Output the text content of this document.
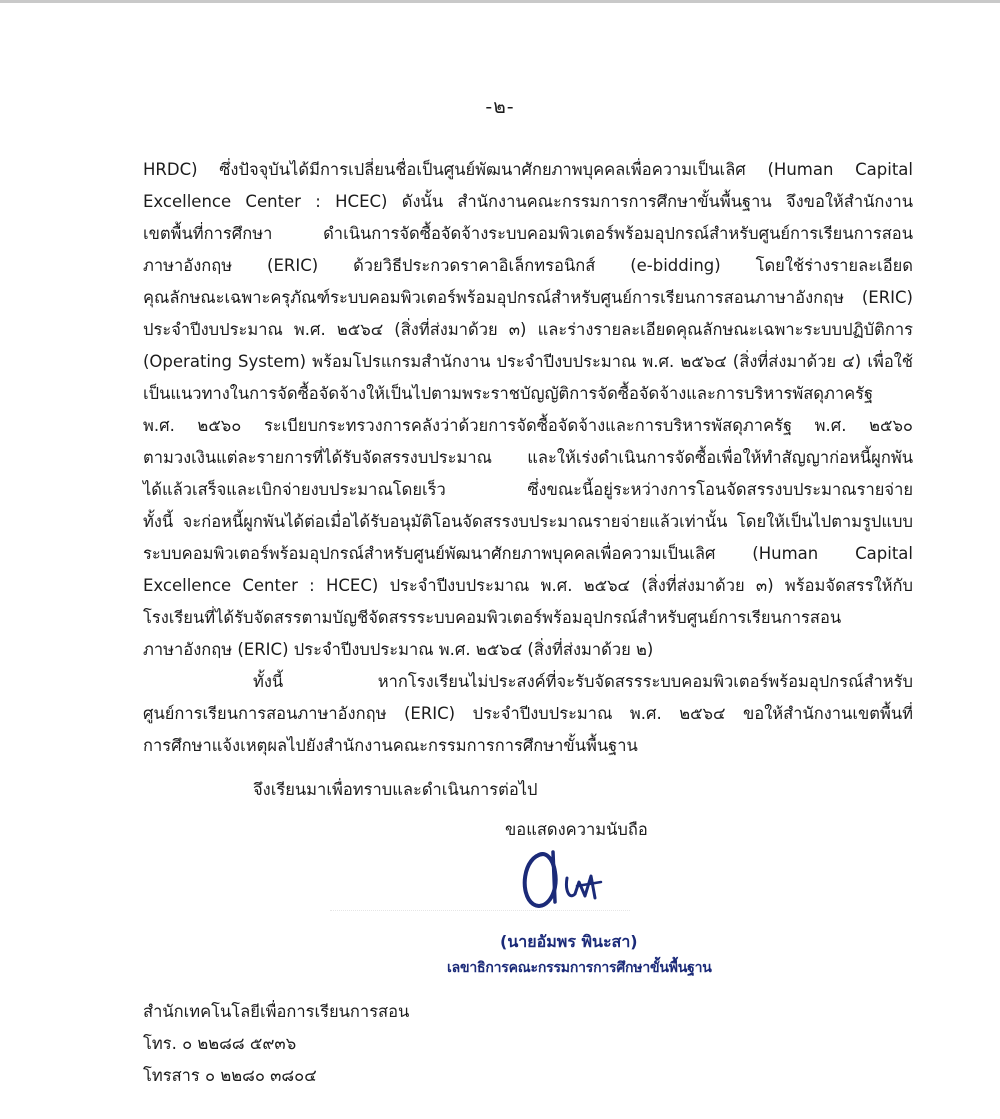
-๒-
HRDC) ซึ่งปัจจุบันได้มีการเปลี่ยนชื่อเป็นศูนย์พัฒนาศักยภาพบุคคลเพื่อความเป็นเลิศ (Human Capital
Excellence Center : HCEC) ดังนั้น สำนักงานคณะกรรมการการศึกษาขั้นพื้นฐาน จึงขอให้สำนักงาน
เขตพื้นที่การศึกษา ดำเนินการจัดซื้อจัดจ้างระบบคอมพิวเตอร์พร้อมอุปกรณ์สำหรับศูนย์การเรียนการสอน
ภาษาอังกฤษ (ERIC) ด้วยวิธีประกวดราคาอิเล็กทรอนิกส์ (e-bidding) โดยใช้ร่างรายละเอียด
คุณลักษณะเฉพาะครุภัณฑ์ระบบคอมพิวเตอร์พร้อมอุปกรณ์สำหรับศูนย์การเรียนการสอนภาษาอังกฤษ (ERIC)
ประจำปีงบประมาณ พ.ศ. ๒๕๖๔ (สิ่งที่ส่งมาด้วย ๓) และร่างรายละเอียดคุณลักษณะเฉพาะระบบปฏิบัติการ
(Operating System) พร้อมโปรแกรมสำนักงาน ประจำปีงบประมาณ พ.ศ. ๒๕๖๔ (สิ่งที่ส่งมาด้วย ๔) เพื่อใช้
เป็นแนวทางในการจัดซื้อจัดจ้างให้เป็นไปตามพระราชบัญญัติการจัดซื้อจัดจ้างและการบริหารพัสดุภาครัฐ
พ.ศ. ๒๕๖๐ ระเบียบกระทรวงการคลังว่าด้วยการจัดซื้อจัดจ้างและการบริหารพัสดุภาครัฐ พ.ศ. ๒๕๖๐
ตามวงเงินแต่ละรายการที่ได้รับจัดสรรงบประมาณ และให้เร่งดำเนินการจัดซื้อเพื่อให้ทำสัญญาก่อหนี้ผูกพัน
ได้แล้วเสร็จและเบิกจ่ายงบประมาณโดยเร็ว ซึ่งขณะนี้อยู่ระหว่างการโอนจัดสรรงบประมาณรายจ่าย
ทั้งนี้ จะก่อหนี้ผูกพันได้ต่อเมื่อได้รับอนุมัติโอนจัดสรรงบประมาณรายจ่ายแล้วเท่านั้น โดยให้เป็นไปตามรูปแบบ
ระบบคอมพิวเตอร์พร้อมอุปกรณ์สำหรับศูนย์พัฒนาศักยภาพบุคคลเพื่อความเป็นเลิศ (Human Capital
Excellence Center : HCEC) ประจำปีงบประมาณ พ.ศ. ๒๕๖๔ (สิ่งที่ส่งมาด้วย ๓) พร้อมจัดสรรให้กับ
โรงเรียนที่ได้รับจัดสรรตามบัญชีจัดสรรระบบคอมพิวเตอร์พร้อมอุปกรณ์สำหรับศูนย์การเรียนการสอน
ภาษาอังกฤษ (ERIC) ประจำปีงบประมาณ พ.ศ. ๒๕๖๔ (สิ่งที่ส่งมาด้วย ๒)
ทั้งนี้ หากโรงเรียนไม่ประสงค์ที่จะรับจัดสรรระบบคอมพิวเตอร์พร้อมอุปกรณ์สำหรับ
ศูนย์การเรียนการสอนภาษาอังกฤษ (ERIC) ประจำปีงบประมาณ พ.ศ. ๒๕๖๔ ขอให้สำนักงานเขตพื้นที่
การศึกษาแจ้งเหตุผลไปยังสำนักงานคณะกรรมการการศึกษาขั้นพื้นฐาน
จึงเรียนมาเพื่อทราบและดำเนินการต่อไป
ขอแสดงความนับถือ
(นายอัมพร พินะสา)
เลขาธิการคณะกรรมการการศึกษาขั้นพื้นฐาน
สำนักเทคโนโลยีเพื่อการเรียนการสอน
โทร. ๐ ๒๒๘๘ ๕๙๓๖
โทรสาร ๐ ๒๒๘๐ ๓๘๐๔
